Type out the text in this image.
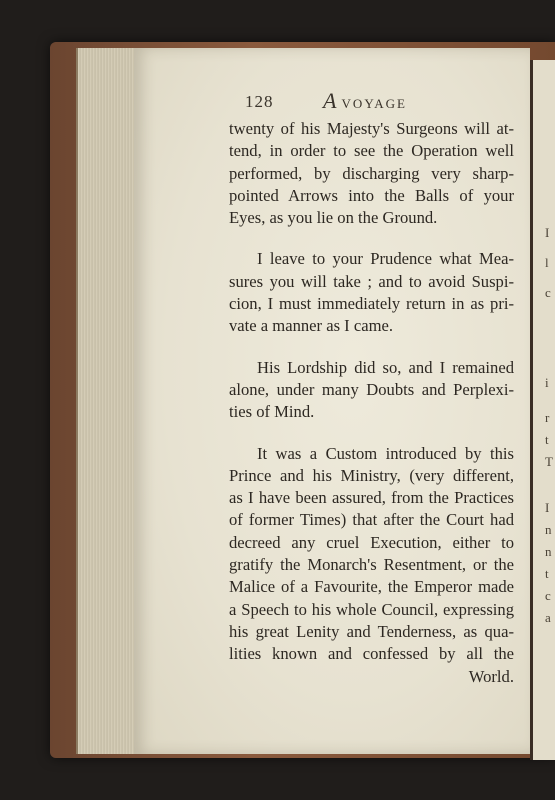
I
l
c
i
r
t
T
I
n
n
t
c
a
128 A VOYAGE
twenty of his Majesty's Surgeons will at-
tend, in order to see the Operation well
performed, by discharging very sharp-
pointed Arrows into the Balls of your
Eyes, as you lie on the Ground.
I leave to your Prudence what Mea-
sures you will take ; and to avoid Suspi-
cion, I must immediately return in as pri-
vate a manner as I came.
His Lordship did so, and I remained
alone, under many Doubts and Perplexi-
ties of Mind.
It was a Custom introduced by this
Prince and his Ministry, (very different,
as I have been assured, from the Practices
of former Times) that after the Court had
decreed any cruel Execution, either to
gratify the Monarch's Resentment, or the
Malice of a Favourite, the Emperor made
a Speech to his whole Council, expressing
his great Lenity and Tenderness, as qua-
lities known and confessed by all the
World.
